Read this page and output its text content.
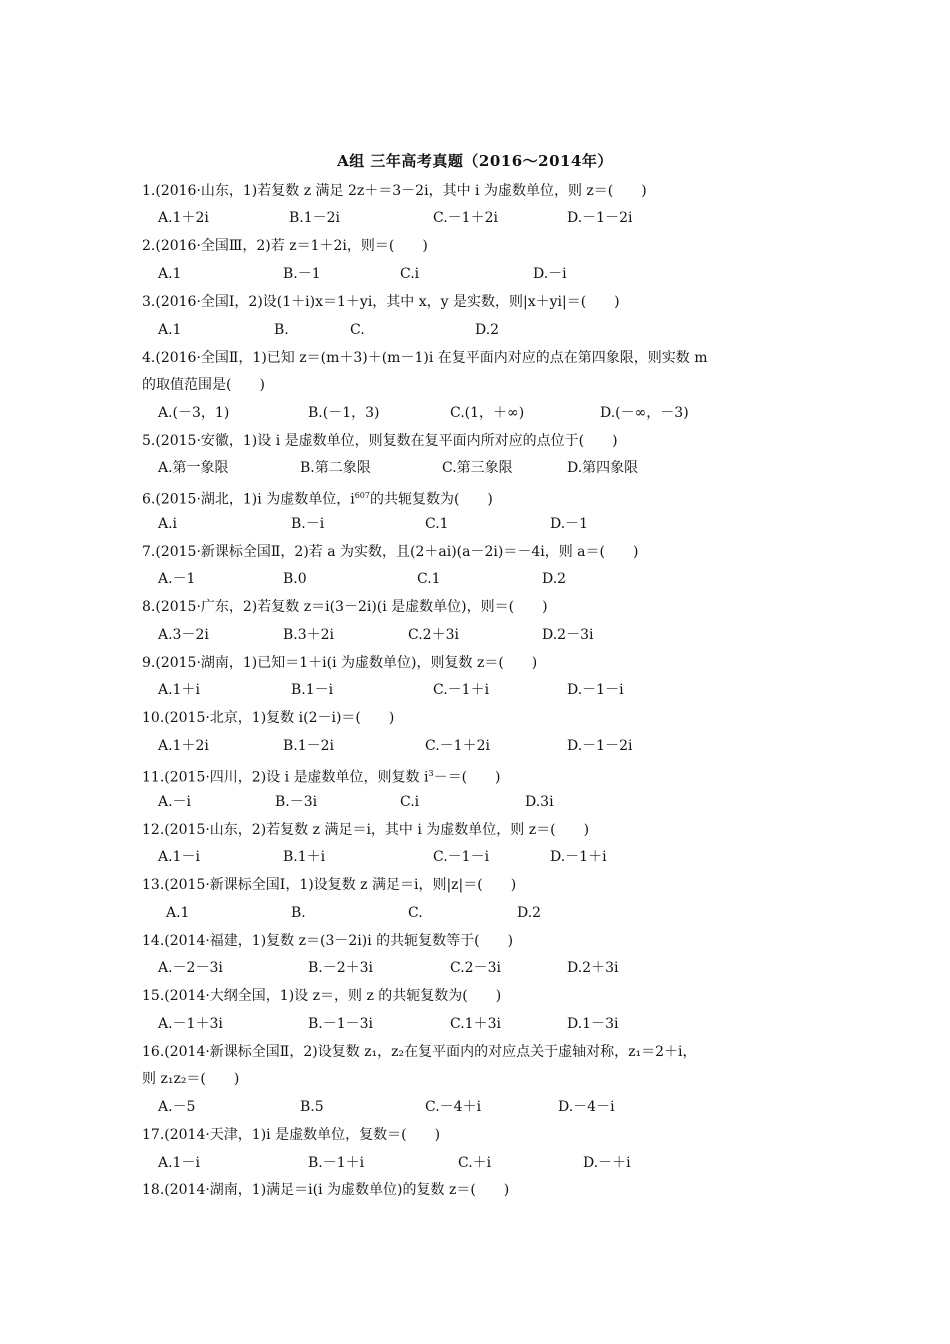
A组 三年高考真题（2016～2014年）
1.(2016·山东，1)若复数 z 满足 2z＋＝3－2i，其中 i 为虚数单位，则 z＝(　　)
A.1＋2i	B.1－2i	C.－1＋2i	D.－1－2i
2.(2016·全国Ⅲ，2)若 z＝1＋2i，则＝(　　)
A.1	B.－1	C.i	D.－i
3.(2016·全国Ⅰ，2)设(1＋i)x＝1＋yi，其中 x，y 是实数，则|x＋yi|＝(　　)
A.1	B.	C.	D.2
4.(2016·全国Ⅱ，1)已知 z＝(m＋3)＋(m－1)i 在复平面内对应的点在第四象限，则实数 m
的取值范围是(　　)
A.(－3，1)	B.(－1，3)	C.(1，＋∞)	D.(－∞，－3)
5.(2015·安徽，1)设 i 是虚数单位，则复数在复平面内所对应的点位于(　　)
A.第一象限	B.第二象限	C.第三象限	D.第四象限
6.(2015·湖北，1)i 为虚数单位，$i^{607}$的共轭复数为(　　)
A.i	B.－i	C.1	D.－1
7.(2015·新课标全国Ⅱ，2)若 a 为实数，且(2＋ai)(a－2i)＝－4i，则 a＝(　　)
A.－1	B.0	C.1	D.2
8.(2015·广东，2)若复数 z＝i(3－2i)(i 是虚数单位)，则＝(　　)
A.3－2i	B.3＋2i	C.2＋3i	D.2－3i
9.(2015·湖南，1)已知＝1＋i(i 为虚数单位)，则复数 z＝(　　)
A.1＋i	B.1－i	C.－1＋i	D.－1－i
10.(2015·北京，1)复数 i(2－i)＝(　　)
A.1＋2i	B.1－2i	C.－1＋2i	D.－1－2i
11.(2015·四川，2)设 i 是虚数单位，则复数 $i^3-=$(　　)
A.－i	B.－3i	C.i	D.3i
12.(2015·山东，2)若复数 z 满足＝i，其中 i 为虚数单位，则 z＝(　　)
A.1－i	B.1＋i	C.－1－i	D.－1＋i
13.(2015·新课标全国Ⅰ，1)设复数 z 满足＝i，则|z|＝(　　)
A.1	B.	C.	D.2
14.(2014·福建，1)复数 z＝(3－2i)i 的共轭复数等于(　　)
A.－2－3i	B.－2＋3i	C.2－3i	D.2＋3i
15.(2014·大纲全国，1)设 z＝，则 z 的共轭复数为(　　)
A.－1＋3i	B.－1－3i	C.1＋3i	D.1－3i
16.(2014·新课标全国Ⅱ，2)设复数 z₁，z₂在复平面内的对应点关于虚轴对称，z₁＝2＋i，
则 z₁z₂＝(　　)
A.－5	B.5	C.－4＋i	D.－4－i
17.(2014·天津，1)i 是虚数单位，复数＝(　　)
A.1－i	B.－1＋i	C.＋i	D.－＋i
18.(2014·湖南，1)满足＝i(i 为虚数单位)的复数 z＝(　　)
